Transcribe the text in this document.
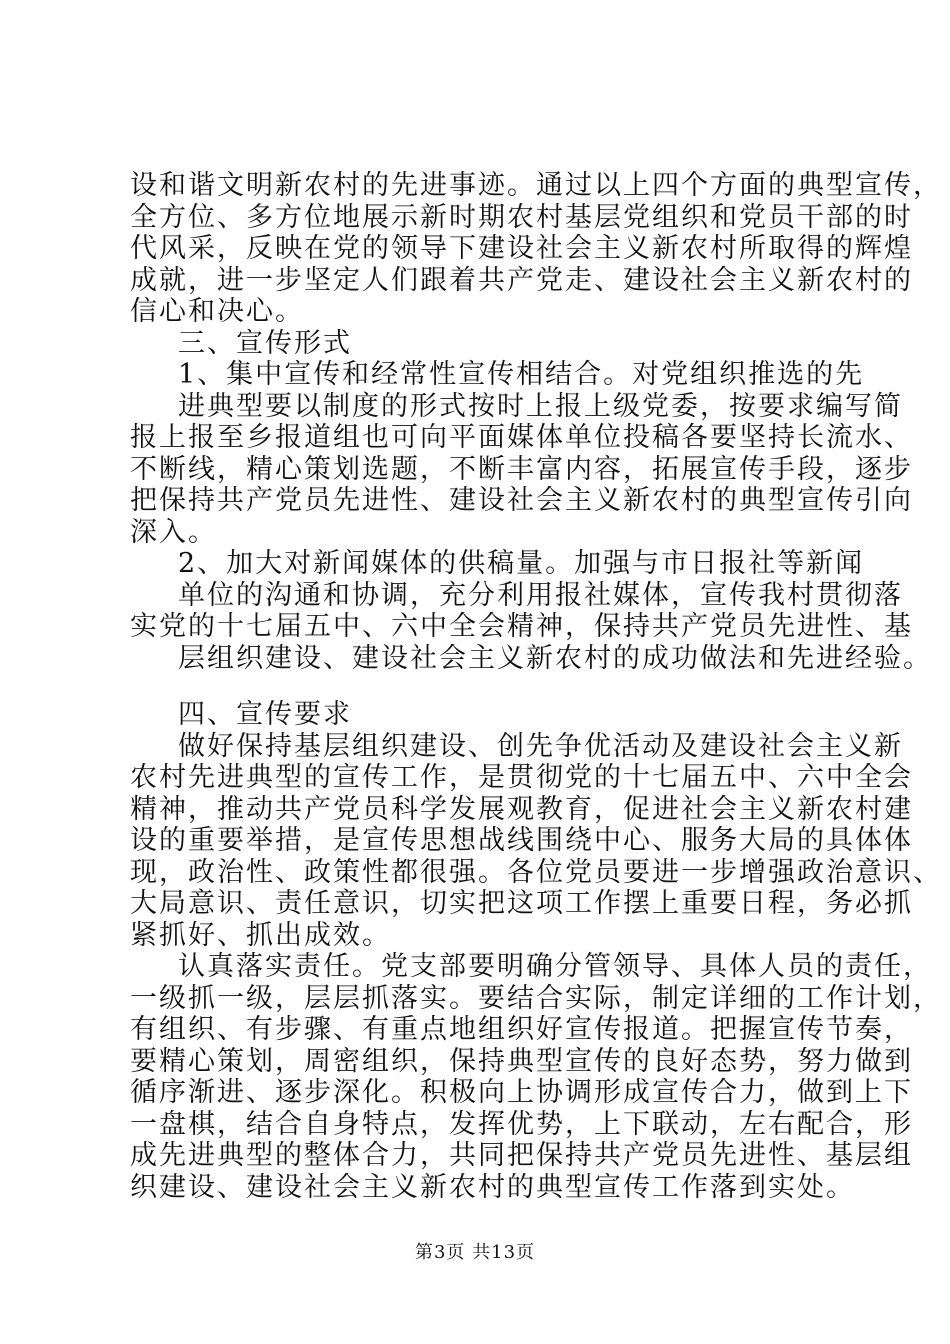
设和谐文明新农村的先进事迹。通过以上四个方面的典型宣传，
全方位、多方位地展示新时期农村基层党组织和党员干部的时
代风采，反映在党的领导下建设社会主义新农村所取得的辉煌
成就，进一步坚定人们跟着共产党走、建设社会主义新农村的
信心和决心。
三、宣传形式
1、集中宣传和经常性宣传相结合。对党组织推选的先
进典型要以制度的形式按时上报上级党委，按要求编写简
报上报至乡报道组也可向平面媒体单位投稿各要坚持长流水、
不断线，精心策划选题，不断丰富内容，拓展宣传手段，逐步
把保持共产党员先进性、建设社会主义新农村的典型宣传引向
深入。
2、加大对新闻媒体的供稿量。加强与市日报社等新闻
单位的沟通和协调，充分利用报社媒体，宣传我村贯彻落
实党的十七届五中、六中全会精神，保持共产党员先进性、基
层组织建设、建设社会主义新农村的成功做法和先进经验。
四、宣传要求
做好保持基层组织建设、创先争优活动及建设社会主义新
农村先进典型的宣传工作，是贯彻党的十七届五中、六中全会
精神，推动共产党员科学发展观教育，促进社会主义新农村建
设的重要举措，是宣传思想战线围绕中心、服务大局的具体体
现，政治性、政策性都很强。各位党员要进一步增强政治意识、
大局意识、责任意识，切实把这项工作摆上重要日程，务必抓
紧抓好、抓出成效。
认真落实责任。党支部要明确分管领导、具体人员的责任，
一级抓一级，层层抓落实。要结合实际，制定详细的工作计划，
有组织、有步骤、有重点地组织好宣传报道。把握宣传节奏，
要精心策划，周密组织，保持典型宣传的良好态势，努力做到
循序渐进、逐步深化。积极向上协调形成宣传合力，做到上下
一盘棋，结合自身特点，发挥优势，上下联动，左右配合，形
成先进典型的整体合力，共同把保持共产党员先进性、基层组
织建设、建设社会主义新农村的典型宣传工作落到实处。
第3页 共13页
